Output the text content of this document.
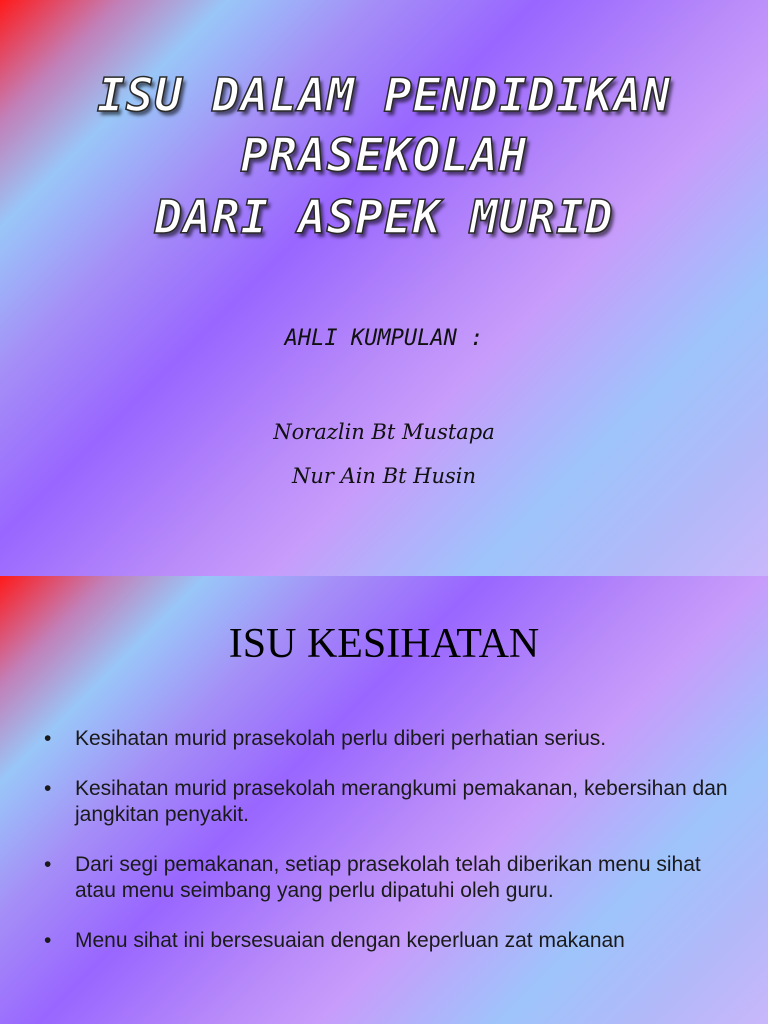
ISU DALAM PENDIDIKAN
PRASEKOLAH
DARI ASPEK MURID
AHLI KUMPULAN :
Norazlin Bt Mustapa
Nur Ain Bt Husin
ISU KESIHATAN
• Kesihatan murid prasekolah perlu diberi perhatian serius.
• Kesihatan murid prasekolah merangkumi pemakanan, kebersihan dan jangkitan penyakit.
• Dari segi pemakanan, setiap prasekolah telah diberikan menu sihat atau menu seimbang yang perlu dipatuhi oleh guru.
• Menu sihat ini bersesuaian dengan keperluan zat makanan
